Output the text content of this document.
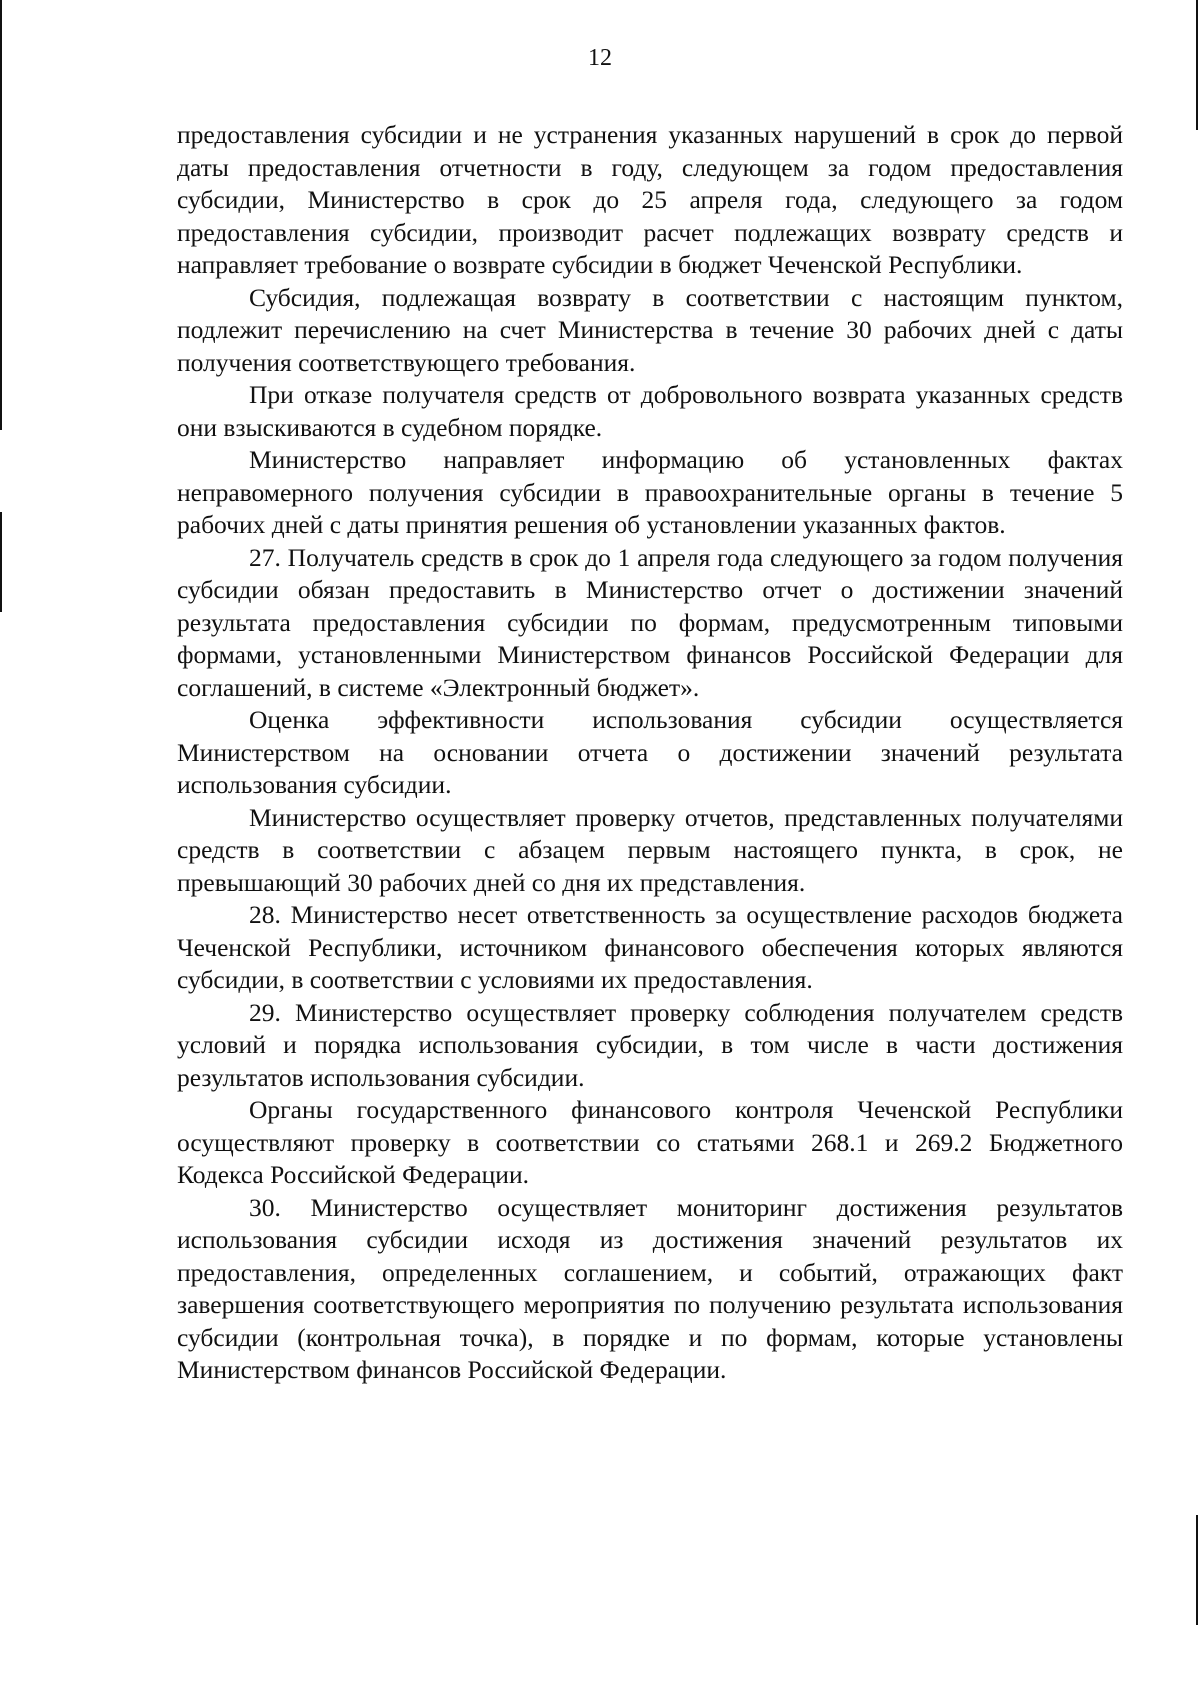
12

предоставления субсидии и не устранения указанных нарушений в срок до первой даты предоставления отчетности в году, следующем за годом предоставления субсидии, Министерство в срок до 25 апреля года, следующего за годом предоставления субсидии, производит расчет подлежащих возврату средств и направляет требование о возврате субсидии в бюджет Чеченской Республики.

Субсидия, подлежащая возврату в соответствии с настоящим пунктом, подлежит перечислению на счет Министерства в течение 30 рабочих дней с даты получения соответствующего требования.

При отказе получателя средств от добровольного возврата указанных средств они взыскиваются в судебном порядке.

Министерство направляет информацию об установленных фактах неправомерного получения субсидии в правоохранительные органы в течение 5 рабочих дней с даты принятия решения об установлении указанных фактов.

27. Получатель средств в срок до 1 апреля года следующего за годом получения субсидии обязан предоставить в Министерство отчет о достижении значений результата предоставления субсидии по формам, предусмотренным типовыми формами, установленными Министерством финансов Российской Федерации для соглашений, в системе «Электронный бюджет».

Оценка эффективности использования субсидии осуществляется Министерством на основании отчета о достижении значений результата использования субсидии.

Министерство осуществляет проверку отчетов, представленных получателями средств в соответствии с абзацем первым настоящего пункта, в срок, не превышающий 30 рабочих дней со дня их представления.

28. Министерство несет ответственность за осуществление расходов бюджета Чеченской Республики, источником финансового обеспечения которых являются субсидии, в соответствии с условиями их предоставления.

29. Министерство осуществляет проверку соблюдения получателем средств условий и порядка использования субсидии, в том числе в части достижения результатов использования субсидии.

Органы государственного финансового контроля Чеченской Республики осуществляют проверку в соответствии со статьями 268.1 и 269.2 Бюджетного Кодекса Российской Федерации.

30. Министерство осуществляет мониторинг достижения результатов использования субсидии исходя из достижения значений результатов их предоставления, определенных соглашением, и событий, отражающих факт завершения соответствующего мероприятия по получению результата использования субсидии (контрольная точка), в порядке и по формам, которые установлены Министерством финансов Российской Федерации.
